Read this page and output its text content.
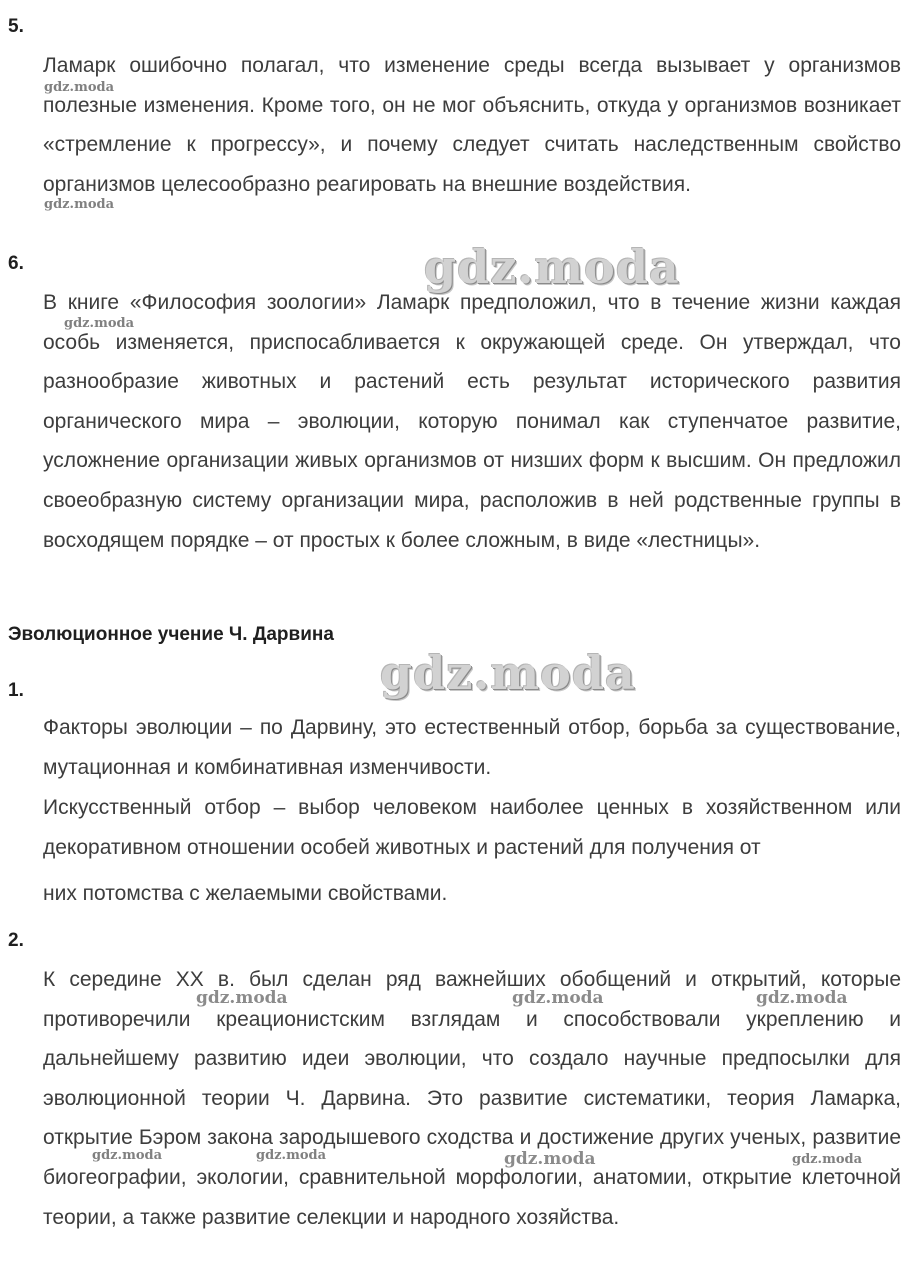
5.

Ламарк ошибочно полагал, что изменение среды всегда вызывает у организмов полезные изменения. Кроме того, он не мог объяснить, откуда у организмов возникает «стремление к прогрессу», и почему следует считать наследственным свойство организмов целесообразно реагировать на внешние воздействия.

6.

В книге «Философия зоологии» Ламарк предположил, что в течение жизни каждая особь изменяется, приспосабливается к окружающей среде. Он утверждал, что разнообразие животных и растений есть результат исторического развития органического мира – эволюции, которую понимал как ступенчатое развитие, усложнение организации живых организмов от низших форм к высшим. Он предложил своеобразную систему организации мира, расположив в ней родственные группы в восходящем порядке – от простых к более сложным, в виде «лестницы».

Эволюционное учение Ч. Дарвина
1.

Факторы эволюции – по Дарвину, это естественный отбор, борьба за существование, мутационная и комбинативная изменчивости.

Искусственный отбор – выбор человеком наиболее ценных в хозяйственном или декоративном отношении особей животных и растений для получения от

них потомства с желаемыми свойствами.

2.

К середине XX в. был сделан ряд важнейших обобщений и открытий, которые противоречили креационистским взглядам и способствовали укреплению и дальнейшему развитию идеи эволюции, что создало научные предпосылки для эволюционной теории Ч. Дарвина. Это развитие систематики, теория Ламарка, открытие Бэром закона зародышевого сходства и достижение других ученых, развитие биогеографии, экологии, сравнительной морфологии, анатомии, открытие клеточной теории, а также развитие селекции и народного хозяйства.

gdz.moda
gdz.moda
gdz.moda
gdz.moda
gdz.moda
gdz.moda	gdz.moda	gdz.moda
gdz.moda	gdz.moda	gdz.moda	gdz.moda
